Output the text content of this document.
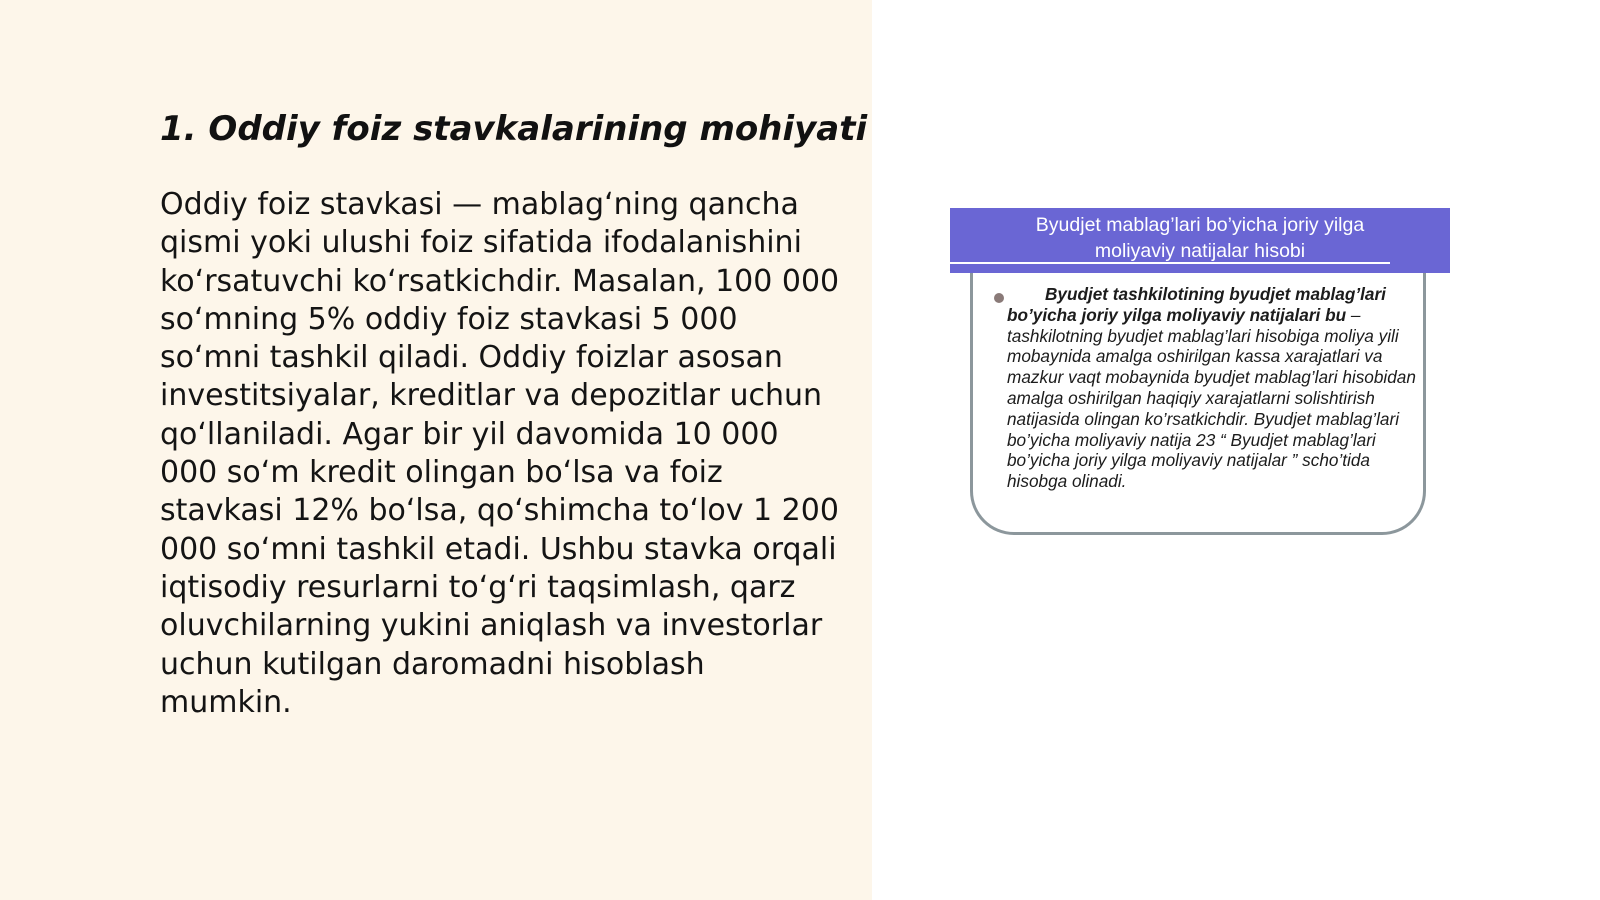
1. Oddiy foiz stavkalarining mohiyati

Oddiy foiz stavkasi — mablag‘ning qancha qismi yoki ulushi foiz sifatida ifodalanishini ko‘rsatuvchi ko‘rsatkichdir. Masalan, 100 000 so‘mning 5% oddiy foiz stavkasi 5 000 so‘mni tashkil qiladi. Oddiy foizlar asosan investitsiyalar, kreditlar va depozitlar uchun qo‘llaniladi. Agar bir yil davomida 10 000 000 so‘m kredit olingan bo‘lsa va foiz stavkasi 12% bo‘lsa, qo‘shimcha to‘lov 1 200 000 so‘mni tashkil etadi. Ushbu stavka orqali iqtisodiy resurlarni to‘g‘ri taqsimlash, qarz oluvchilarning yukini aniqlash va investorlar uchun kutilgan daromadni hisoblash mumkin.

Byudjet mablag’lari bo’yicha joriy yilga
moliyaviy natijalar hisobi

Byudjet tashkilotining byudjet mablag’lari bo’yicha joriy yilga moliyaviy natijalari bu – tashkilotning byudjet mablag’lari hisobiga moliya yili mobaynida amalga oshirilgan kassa xarajatlari va mazkur vaqt mobaynida byudjet mablag’lari hisobidan amalga oshirilgan haqiqiy xarajatlarni solishtirish natijasida olingan ko’rsatkichdir. Byudjet mablag’lari bo’yicha moliyaviy natija 23 “ Byudjet mablag’lari bo’yicha joriy yilga moliyaviy natijalar ” scho’tida hisobga olinadi.
